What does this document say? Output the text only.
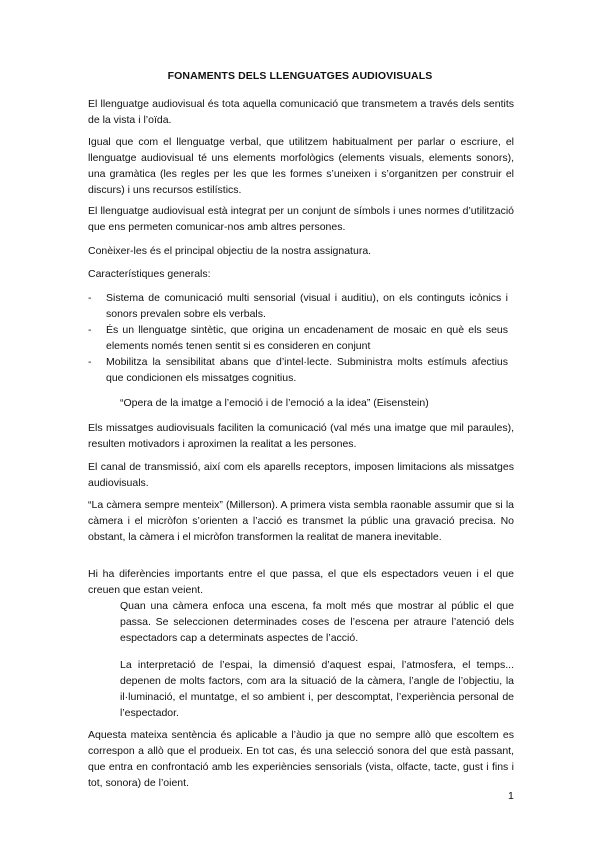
FONAMENTS DELS LLENGUATGES AUDIOVISUALS

El llenguatge audiovisual és tota aquella comunicació que transmetem a través dels sentits de la vista i l’oïda.

Igual que com el llenguatge verbal, que utilitzem habitualment per parlar o escriure, el llenguatge audiovisual té uns elements morfològics (elements visuals, elements sonors), una gramàtica (les regles per les que les formes s’uneixen i s’organitzen per construir el discurs) i uns recursos estilístics.

El llenguatge audiovisual està integrat per un conjunt de símbols i unes normes d’utilització que ens permeten comunicar-nos amb altres persones.

Conèixer-les és el principal objectiu de la nostra assignatura.

Característiques generals:

-	Sistema de comunicació multi sensorial (visual i auditiu), on els continguts icònics i sonors prevalen sobre els verbals.
-	És un llenguatge sintètic, que origina un encadenament de mosaic en què els seus elements només tenen sentit si es consideren en conjunt
-	Mobilitza la sensibilitat abans que d’intel·lecte. Subministra molts estímuls afectius que condicionen els missatges cognitius.
“Opera de la imatge a l’emoció i de l’emoció a la idea” (Eisenstein)

Els missatges audiovisuals faciliten la comunicació (val més una imatge que mil paraules), resulten motivadors i aproximen la realitat a les persones.

El canal de transmissió, així com els aparells receptors, imposen limitacions als missatges audiovisuals.

“La càmera sempre menteix” (Millerson). A primera vista sembla raonable assumir que si la càmera i el micròfon s’orienten a l’acció es transmet la públic una gravació precisa. No obstant, la càmera i el micròfon transformen la realitat de manera inevitable.

Hi ha diferències importants entre el que passa, el que els espectadors veuen i el que creuen que estan veient.

Quan una càmera enfoca una escena, fa molt més que mostrar al públic el que passa. Se seleccionen determinades coses de l’escena per atraure l’atenció dels espectadors cap a determinats aspectes de l’acció.

La interpretació de l’espai, la dimensió d’aquest espai, l’atmosfera, el temps... depenen de molts factors, com ara la situació de la càmera, l’angle de l’objectiu, la il·luminació, el muntatge, el so ambient i, per descomptat, l’experiència personal de l’espectador.

Aquesta mateixa sentència és aplicable a l’àudio ja que no sempre allò que escoltem es correspon a allò que el produeix. En tot cas, és una selecció sonora del que està passant, que entra en confrontació amb les experiències sensorials (vista, olfacte, tacte, gust i fins i tot, sonora) de l’oient.

1
